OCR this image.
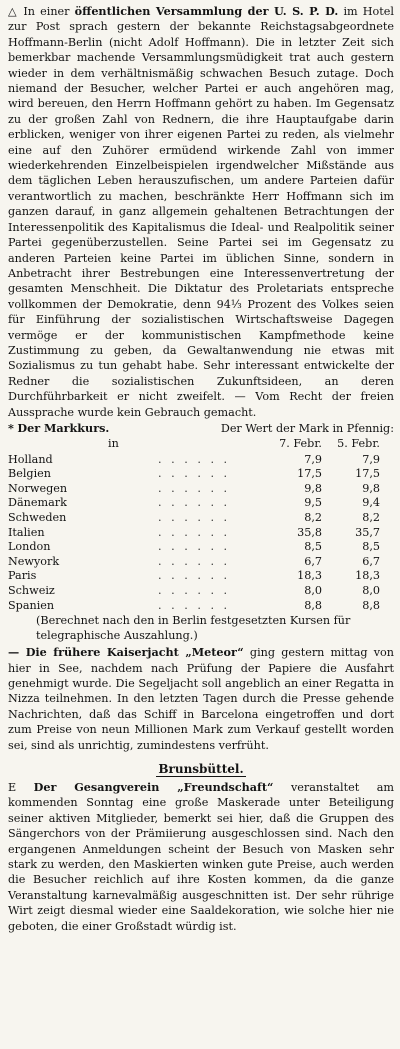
△ In einer öffentlichen Versammlung der U. S. P. D. im Hotel zur Post sprach gestern der bekannte Reichstagsabgeordnete Hoffmann-Berlin (nicht Adolf Hoffmann). Die in letzter Zeit sich bemerkbar machende Versammlungsmüdigkeit trat auch gestern wieder in dem verhältnismäßig schwachen Besuch zutage. Doch niemand der Besucher, welcher Partei er auch angehören mag, wird bereuen, den Herrn Hoffmann gehört zu haben. Im Gegensatz zu der großen Zahl von Rednern, die ihre Hauptaufgabe darin erblicken, weniger von ihrer eigenen Partei zu reden, als vielmehr eine auf den Zuhörer ermüdend wirkende Zahl von immer wiederkehrenden Einzelbeispielen irgendwelcher Mißstände aus dem täglichen Leben herauszufischen, um andere Parteien dafür verantwortlich zu machen, beschränkte Herr Hoffmann sich im ganzen darauf, in ganz allgemein gehaltenen Betrachtungen der Interessenpolitik des Kapitalismus die Ideal- und Realpolitik seiner Partei gegenüberzustellen. Seine Partei sei im Gegensatz zu anderen Parteien keine Partei im üblichen Sinne, sondern in Anbetracht ihrer Bestrebungen eine Interessenvertretung der gesamten Menschheit. Die Diktatur des Proletariats entspreche vollkommen der Demokratie, denn 94⅓ Prozent des Volkes seien für Einführung der sozialistischen Wirtschaftsweise Dagegen vermöge er der kommunistischen Kampfmethode keine Zustimmung zu geben, da Gewaltanwendung nie etwas mit Sozialismus zu tun gehabt habe. Sehr interessant entwickelte der Redner die sozialistischen Zukunftsideen, an deren Durchführbarkeit er nicht zweifelt. — Vom Recht der freien Aussprache wurde kein Gebrauch gemacht.

* Der Markkurs.	Der Wert der Mark in Pfennig:
in		7. Febr.	5. Febr.
Holland	. . . . . .	7,9	7,9
Belgien	. . . . . .	17,5	17,5
Norwegen	. . . . . .	9,8	9,8
Dänemark	. . . . . .	9,5	9,4
Schweden	. . . . . .	8,2	8,2
Italien	. . . . . .	35,8	35,7
London	. . . . . .	8,5	8,5
Newyork	. . . . . .	6,7	6,7
Paris	. . . . . .	18,3	18,3
Schweiz	. . . . . .	8,0	8,0
Spanien	. . . . . .	8,8	8,8
(Berechnet nach den in Berlin festgesetzten Kursen für telegraphische Auszahlung.)

— Die frühere Kaiserjacht „Meteor“ ging gestern mittag von hier in See, nachdem nach Prüfung der Papiere die Ausfahrt genehmigt wurde. Die Segeljacht soll angeblich an einer Regatta in Nizza teilnehmen. In den letzten Tagen durch die Presse gehende Nachrichten, daß das Schiff in Barcelona eingetroffen und dort zum Preise von neun Millionen Mark zum Verkauf gestellt worden sei, sind als unrichtig, zumindestens verfrüht.

Brunsbüttel.

E Der Gesangverein „Freundschaft“ veranstaltet am kommenden Sonntag eine große Maskerade unter Beteiligung seiner aktiven Mitglieder, bemerkt sei hier, daß die Gruppen des Sängerchors von der Prämiierung ausgeschlossen sind. Nach den ergangenen Anmeldungen scheint der Besuch von Masken sehr stark zu werden, den Maskierten winken gute Preise, auch werden die Besucher reichlich auf ihre Kosten kommen, da die ganze Veranstaltung karnevalmäßig ausgeschnitten ist. Der sehr rührige Wirt zeigt diesmal wieder eine Saaldekoration, wie solche hier nie geboten, die einer Großstadt würdig ist.
